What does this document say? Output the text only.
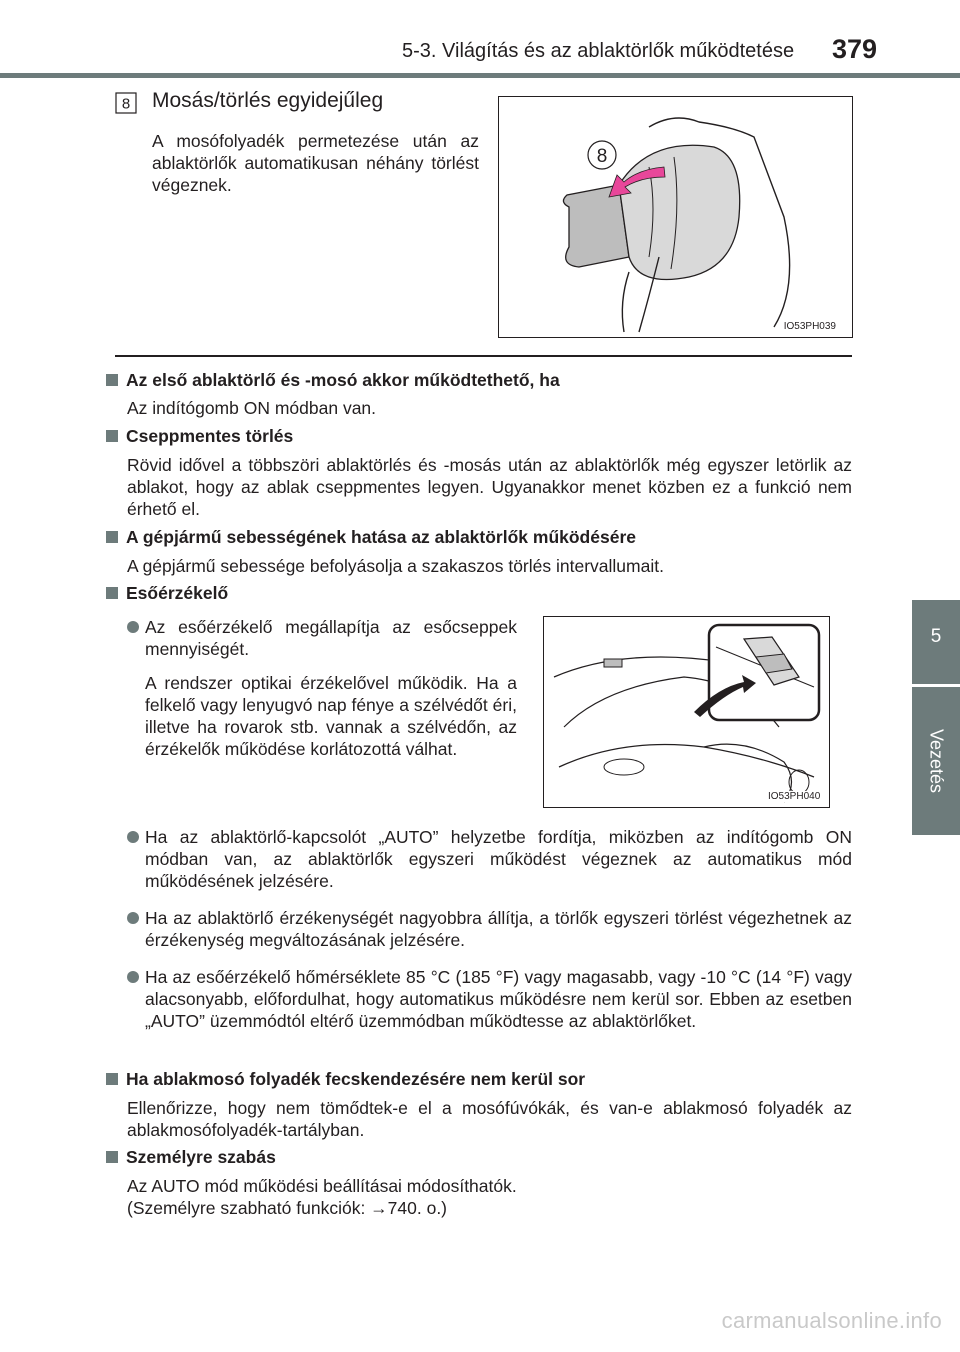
5-3. Világítás és az ablaktörlők működtetése 379
5
Vezetés
8 Mosás/törlés egyidejűleg
A mosófolyadék permetezése után az ablaktörlők automatikusan néhány törlést végeznek.
8
IO53PH039
Az első ablaktörlő és -mosó akkor működtethető, ha
Az indítógomb ON módban van.
Cseppmentes törlés
Rövid idővel a többszöri ablaktörlés és -mosás után az ablaktörlők még egyszer letörlik az ablakot, hogy az ablak cseppmentes legyen. Ugyanakkor menet közben ez a funkció nem érhető el.
A gépjármű sebességének hatása az ablaktörlők működésére
A gépjármű sebessége befolyásolja a szakaszos törlés intervallumait.
Esőérzékelő
Az esőérzékelő megállapítja az esőcseppek mennyiségét.
A rendszer optikai érzékelővel működik. Ha a felkelő vagy lenyugvó nap fénye a szélvédőt éri, illetve ha rovarok stb. vannak a szélvédőn, az érzékelők működése korlátozottá válhat.
IO53PH040
Ha az ablaktörlő-kapcsolót „AUTO” helyzetbe fordítja, miközben az indítógomb ON módban van, az ablaktörlők egyszeri működést végeznek az automatikus mód működésének jelzésére.
Ha az ablaktörlő érzékenységét nagyobbra állítja, a törlők egyszeri törlést végezhetnek az érzékenység megváltozásának jelzésére.
Ha az esőérzékelő hőmérséklete 85 °C (185 °F) vagy magasabb, vagy -10 °C (14 °F) vagy alacsonyabb, előfordulhat, hogy automatikus működésre nem kerül sor. Ebben az esetben „AUTO” üzemmódtól eltérő üzemmódban működtesse az ablaktörlőket.
Ha ablakmosó folyadék fecskendezésére nem kerül sor
Ellenőrizze, hogy nem tömődtek-e el a mosófúvókák, és van-e ablakmosó folyadék az ablakmosófolyadék-tartályban.
Személyre szabás
Az AUTO mód működési beállításai módosíthatók.
(Személyre szabható funkciók: →740. o.)
carmanualsonline.info
